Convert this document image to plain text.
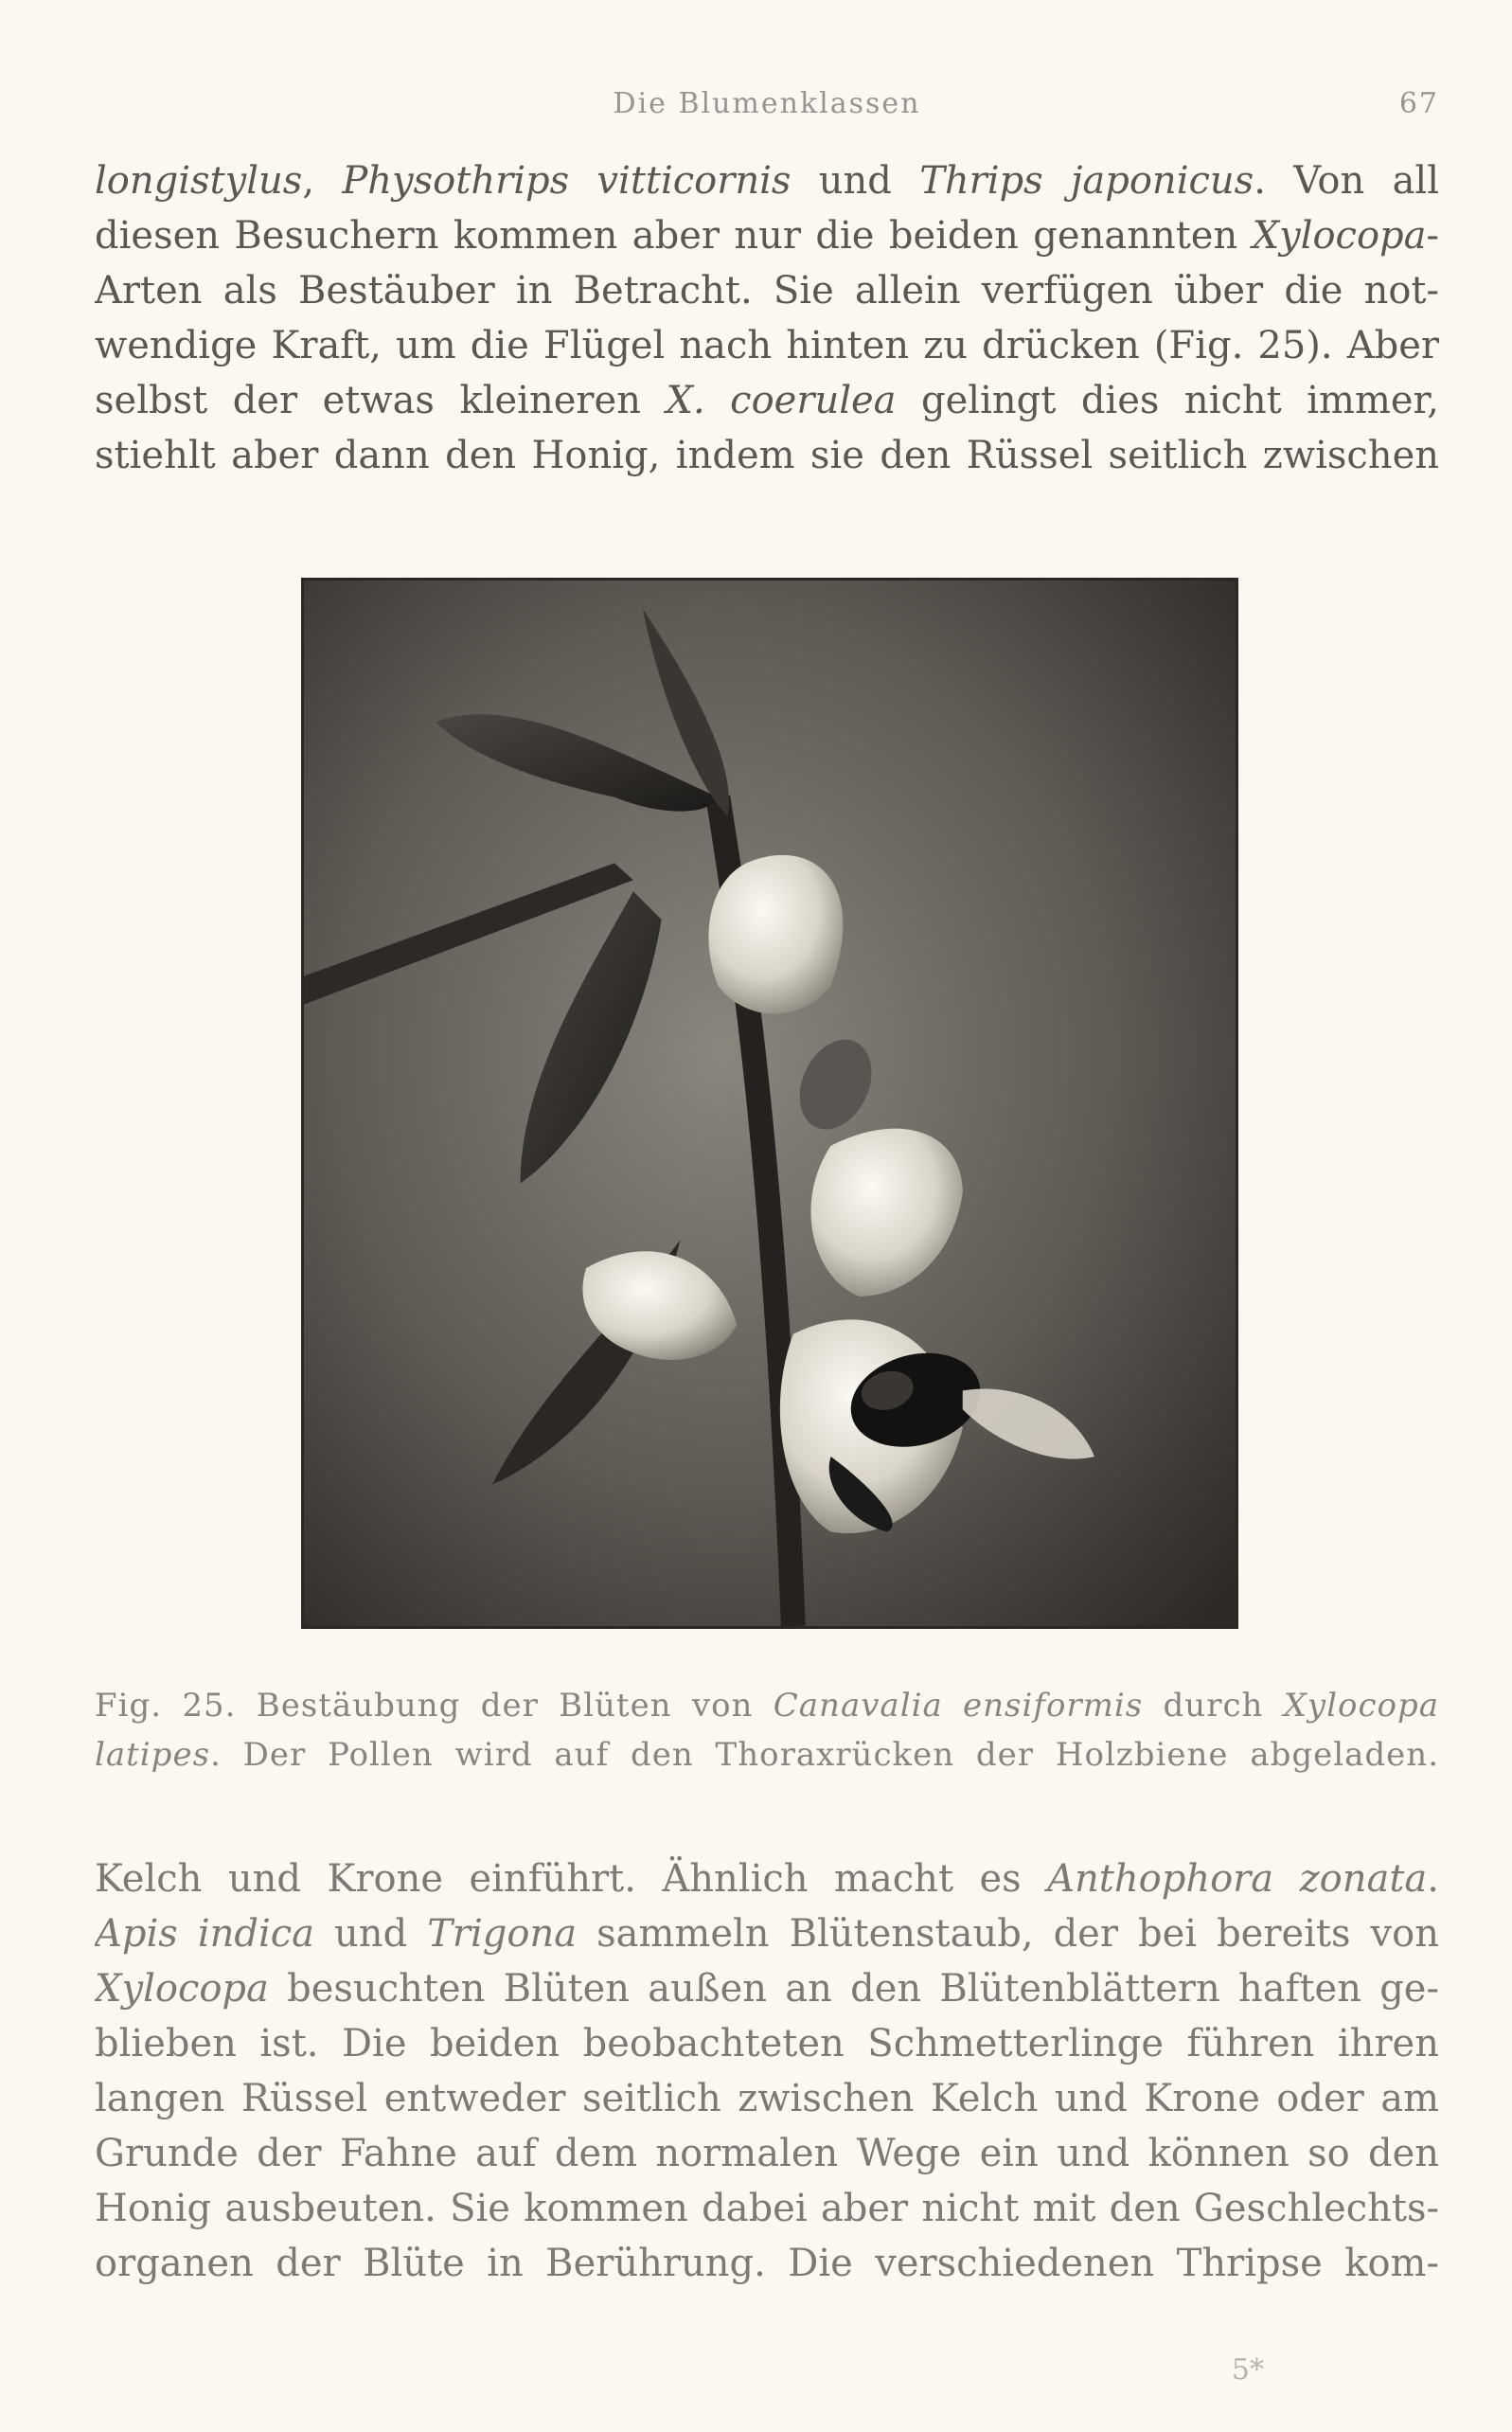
Die Blumenklassen	67
longistylus, Physothrips vitticornis und Thrips japonicus. Von all
diesen Besuchern kommen aber nur die beiden genannten Xylocopa-
Arten als Bestäuber in Betracht. Sie allein verfügen über die not-
wendige Kraft, um die Flügel nach hinten zu drücken (Fig. 25). Aber
selbst der etwas kleineren X. coerulea gelingt dies nicht immer,
stiehlt aber dann den Honig, indem sie den Rüssel seitlich zwischen
Fig. 25. Bestäubung der Blüten von Canavalia ensiformis durch Xylocopa
latipes. Der Pollen wird auf den Thoraxrücken der Holzbiene abgeladen.
Kelch und Krone einführt. Ähnlich macht es Anthophora zonata.
Apis indica und Trigona sammeln Blütenstaub, der bei bereits von
Xylocopa besuchten Blüten außen an den Blütenblättern haften ge-
blieben ist. Die beiden beobachteten Schmetterlinge führen ihren
langen Rüssel entweder seitlich zwischen Kelch und Krone oder am
Grunde der Fahne auf dem normalen Wege ein und können so den
Honig ausbeuten. Sie kommen dabei aber nicht mit den Geschlechts-
organen der Blüte in Berührung. Die verschiedenen Thripse kom-
5*
